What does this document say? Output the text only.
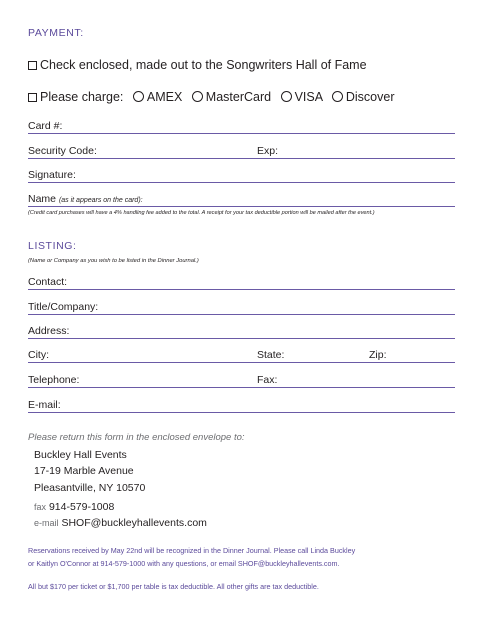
PAYMENT:
Check enclosed, made out to the Songwriters Hall of Fame
Please charge: AMEX MasterCard VISA Discover
Card #:
Security Code:	Exp:
Signature:
Name (as it appears on the card):
(Credit card purchases will have a 4% handling fee added to the total. A receipt for your tax deductible portion will be mailed after the event.)
LISTING:
(Name or Company as you wish to be listed in the Dinner Journal.)
Contact:
Title/Company:
Address:
City:	State:	Zip:
Telephone:	Fax:
E-mail:
Please return this form in the enclosed envelope to:
Buckley Hall Events
17-19 Marble Avenue
Pleasantville, NY 10570
fax 914-579-1008
e-mail SHOF@buckleyhallevents.com
Reservations received by May 22nd will be recognized in the Dinner Journal. Please call Linda Buckley
or Kaitlyn O'Connor at 914-579-1000 with any questions, or email SHOF@buckleyhallevents.com.
All but $170 per ticket or $1,700 per table is tax deductible. All other gifts are tax deductible.
